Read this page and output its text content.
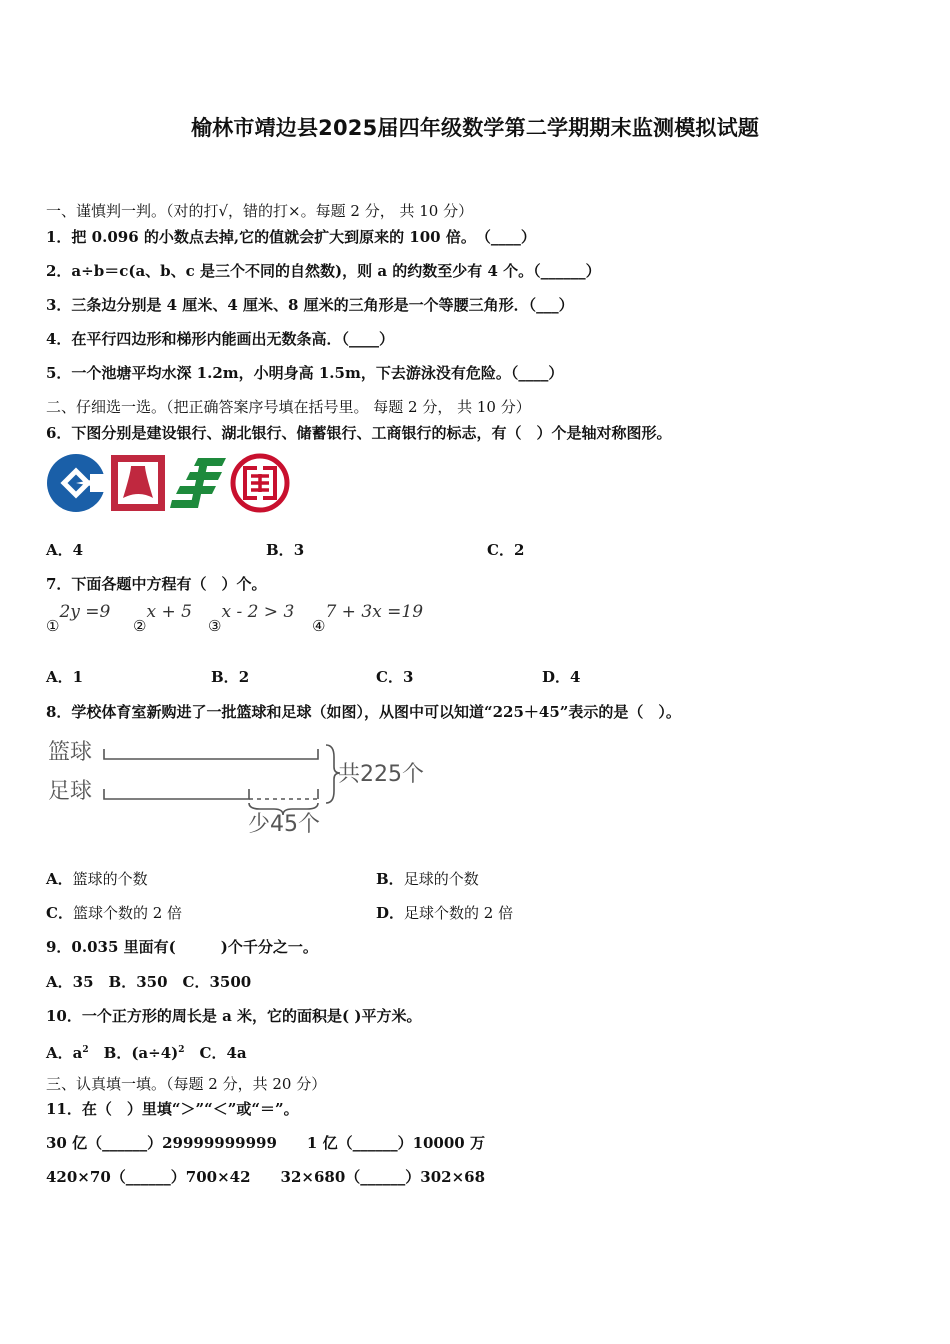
榆林市靖边县2025届四年级数学第二学期期末监测模拟试题
一、谨慎判一判。（对的打√，错的打×。每题 2 分， 共 10 分）
1．把 0.096 的小数点去掉,它的值就会扩大到原来的 100 倍。　（____）
2．a÷b＝c(a、b、c 是三个不同的自然数)，则 a 的约数至少有 4 个。（______）
3．三条边分别是 4 厘米、4 厘米、8 厘米的三角形是一个等腰三角形．（___）
4．在平行四边形和梯形内能画出无数条高．（____）
5．一个池塘平均水深 1.2m，小明身高 1.5m，下去游泳没有危险。（____）
二、仔细选一选。（把正确答案序号填在括号里。 每题 2 分， 共 10 分）
6．下图分别是建设银行、湖北银行、储蓄银行、工商银行的标志，有（　）个是轴对称图形。
A．4	B．3	C．2
7．下面各题中方程有（　）个。
①2y =9
②x + 5
③x - 2 > 3
④7 + 3x =19
A．1	B．2	C．3	D．4
8．学校体育室新购进了一批篮球和足球（如图），从图中可以知道“225＋45”表示的是（　）。
篮球
足球
共225个
少45个
A．篮球的个数	B．足球的个数
C．篮球个数的 2 倍	D．足球个数的 2 倍
9．0.035 里面有(　　　)个千分之一。
A．35　B．350　C．3500
10．一个正方形的周长是 a 米，它的面积是( )平方米。
A．$a^2$　 B．$(a\div 4)^2$　 C．4a
三、认真填一填。（每题 2 分，共 20 分）
11．在（　）里填“＞”“＜”或“＝”。
30 亿（______）29999999999　　1 亿（______）10000 万
420×70（______）700×42　　32×680（______）302×68
